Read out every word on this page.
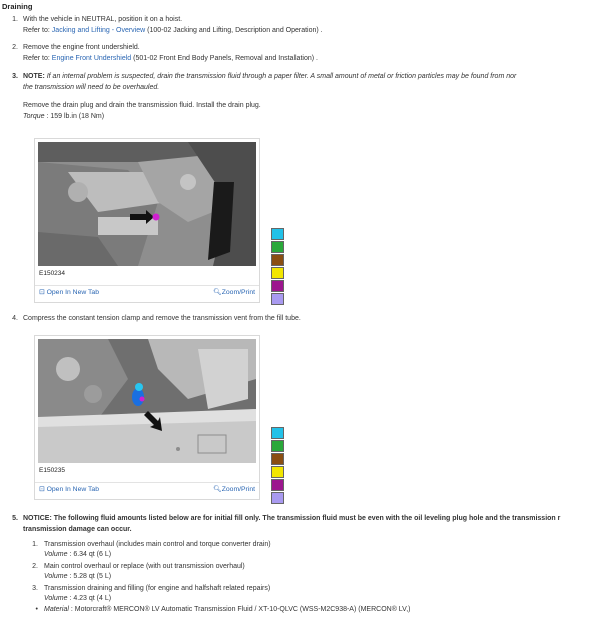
Draining
1. With the vehicle in NEUTRAL, position it on a hoist.
Refer to: Jacking and Lifting - Overview (100-02 Jacking and Lifting, Description and Operation) .
2. Remove the engine front undershield.
Refer to: Engine Front Undershield (501-02 Front End Body Panels, Removal and Installation) .
3. NOTE: If an internal problem is suspected, drain the transmission fluid through a paper filter. A small amount of metal or friction particles may be found from nor
the transmission will need to be overhauled.
Remove the drain plug and drain the transmission fluid. Install the drain plug.
Torque : 159 lb.in (18 Nm)
E150234
⊡ Open In New Tab	🔍︎Zoom/Print
4. Compress the constant tension clamp and remove the transmission vent from the fill tube.
E150235
⊡ Open In New Tab	🔍︎Zoom/Print
5. NOTICE: The following fluid amounts listed below are for initial fill only. The transmission fluid must be even with the oil leveling plug hole and the transmission r
transmission damage can occur.
1. Transmission overhaul (includes main control and torque converter drain)
Volume : 6.34 qt (6 L)
2. Main control overhaul or replace (with out transmission overhaul)
Volume : 5.28 qt (5 L)
3. Transmission draining and filling (for engine and halfshaft related repairs)
Volume : 4.23 qt (4 L)
• Material : Motorcraft® MERCON® LV Automatic Transmission Fluid / XT-10-QLVC (WSS-M2C938-A) (MERCON® LV,)
